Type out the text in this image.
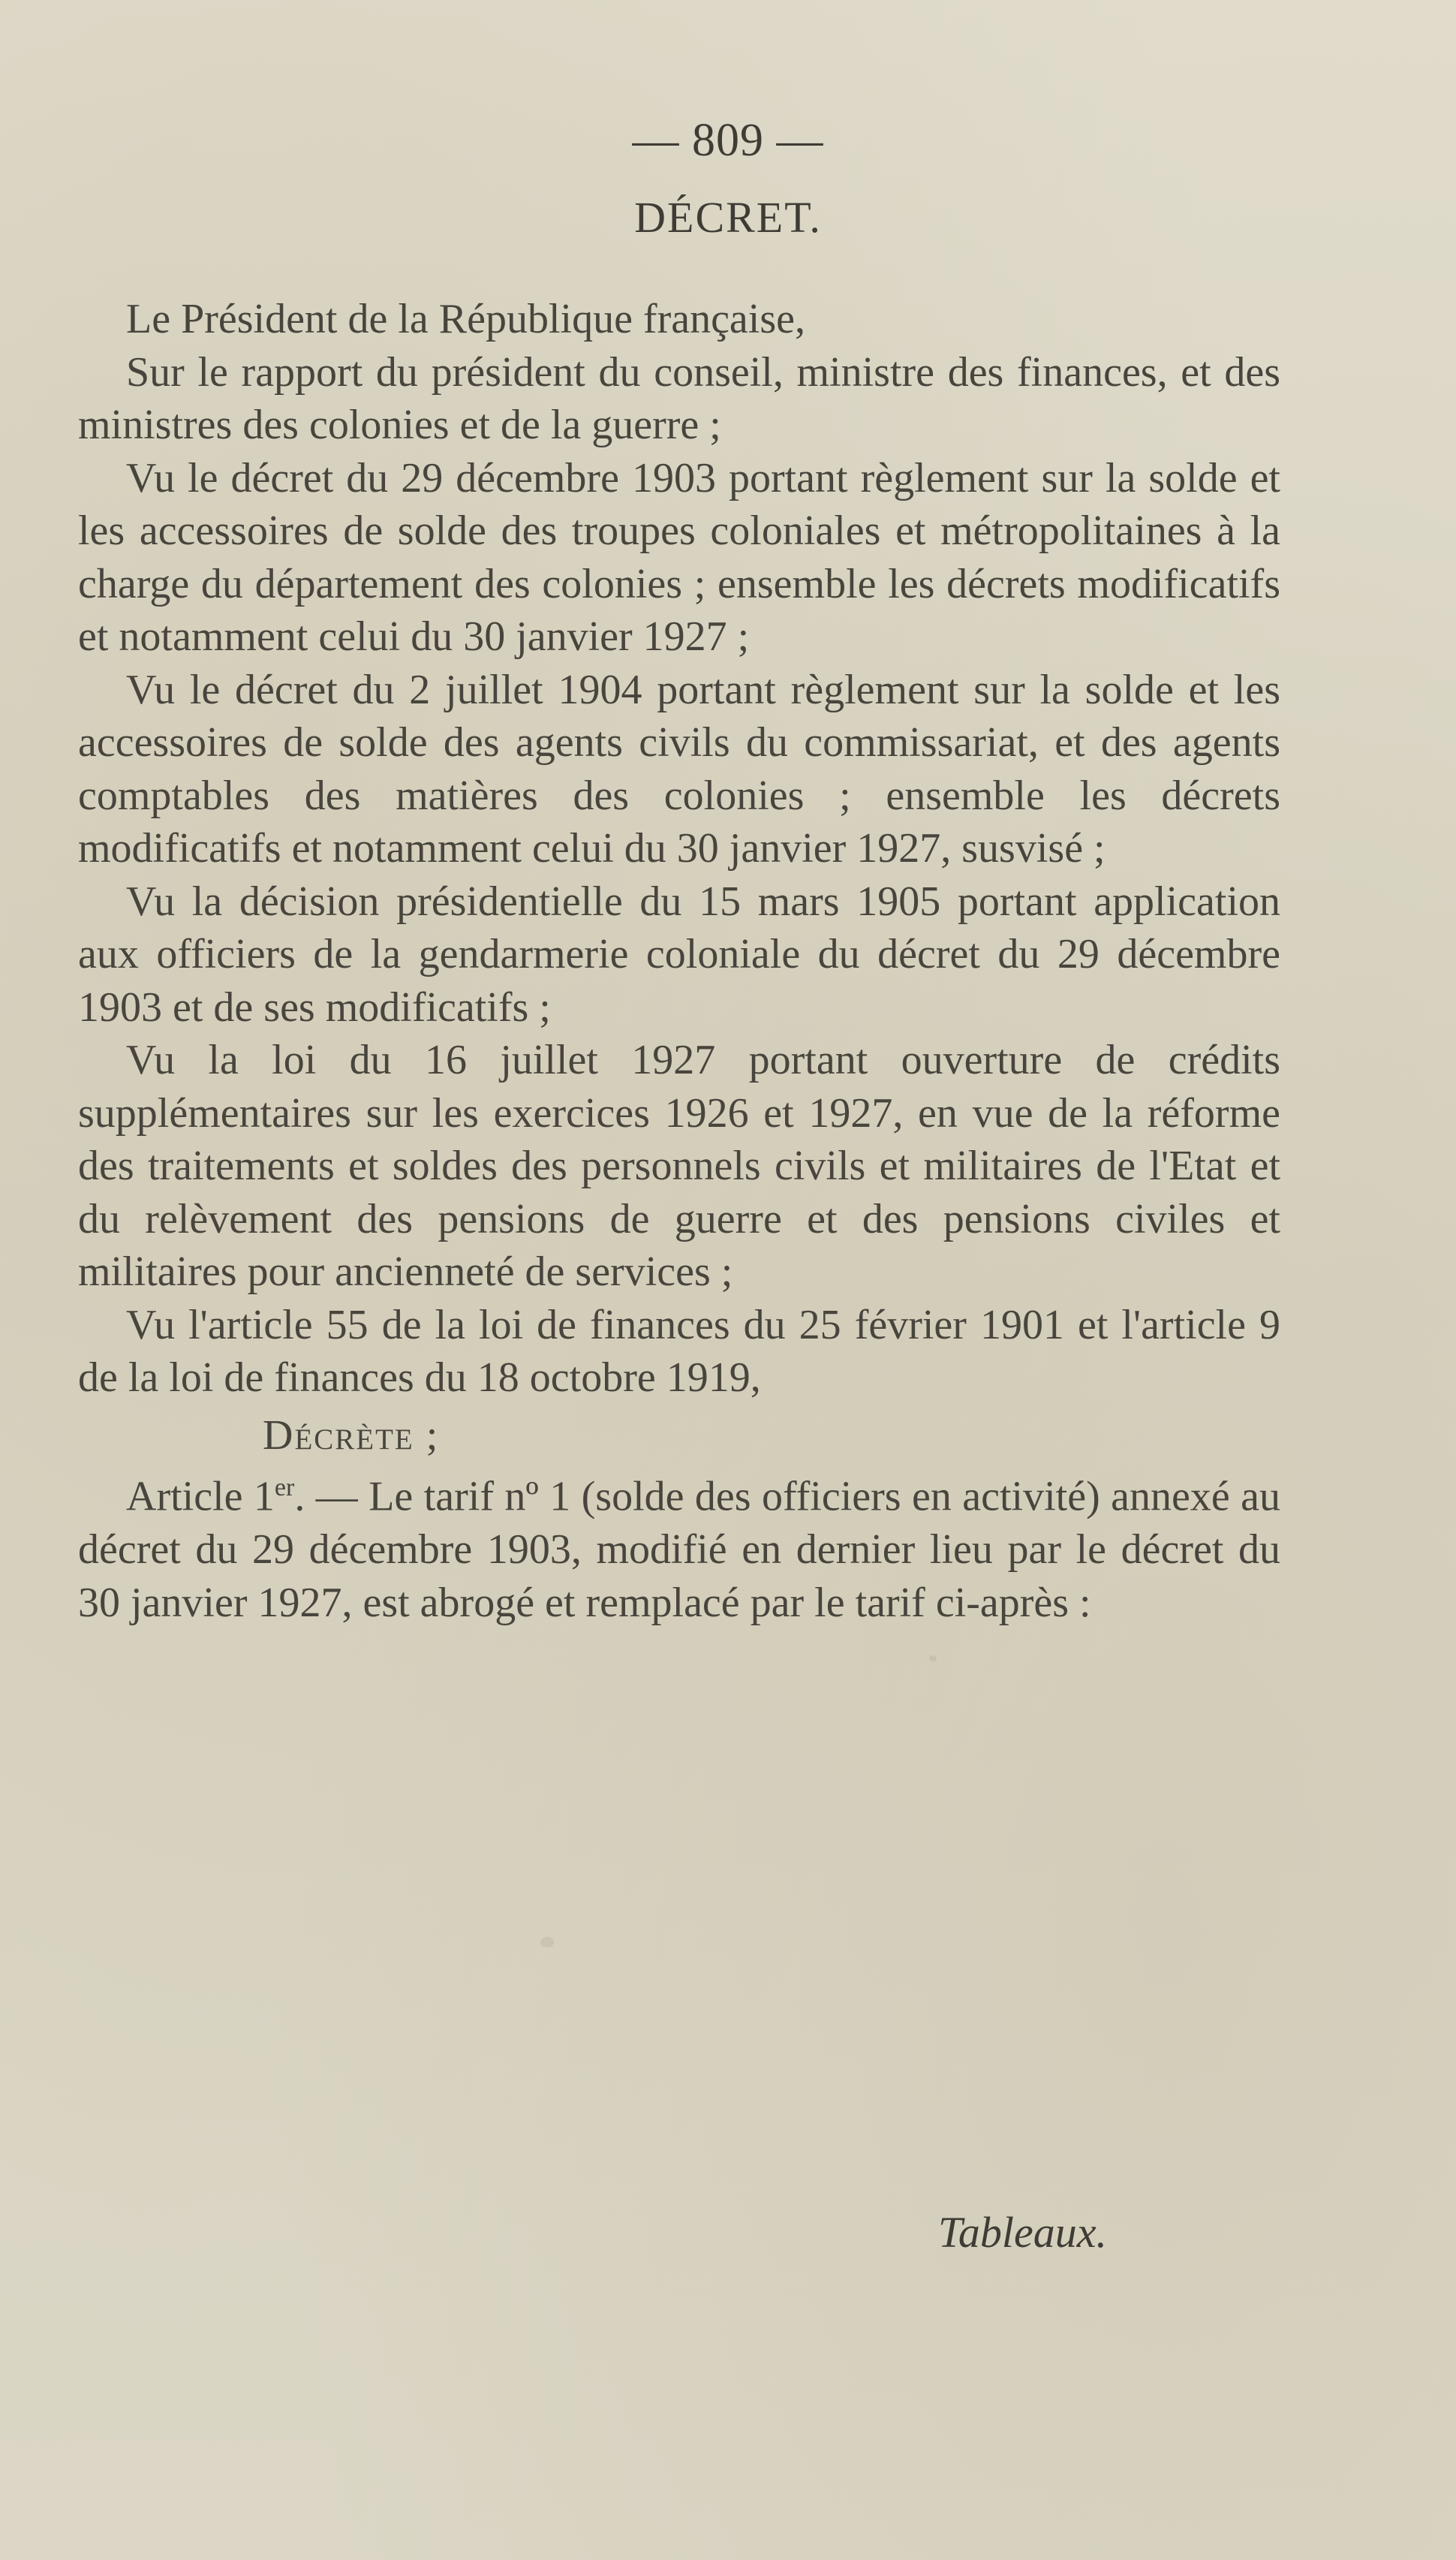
— 809 —
DÉCRET.

Le Président de la République française,

Sur le rapport du président du conseil, ministre des finances, et des ministres des colonies et de la guerre ;

Vu le décret du 29 décembre 1903 portant règlement sur la solde et les accessoires de solde des troupes coloniales et métropolitaines à la charge du département des colonies ; ensemble les décrets modificatifs et notamment celui du 30 janvier 1927 ;

Vu le décret du 2 juillet 1904 portant règlement sur la solde et les accessoires de solde des agents civils du commissariat, et des agents comptables des matières des colonies ; ensemble les décrets modificatifs et notamment celui du 30 janvier 1927, susvisé ;

Vu la décision présidentielle du 15 mars 1905 portant application aux officiers de la gendarmerie coloniale du décret du 29 décembre 1903 et de ses modificatifs ;

Vu la loi du 16 juillet 1927 portant ouverture de crédits supplémentaires sur les exercices 1926 et 1927, en vue de la réforme des traitements et soldes des personnels civils et militaires de l'Etat et du relèvement des pensions de guerre et des pensions civiles et militaires pour ancienneté de services ;

Vu l'article 55 de la loi de finances du 25 février 1901 et l'article 9 de la loi de finances du 18 octobre 1919,

Décrète ;

Article 1er. — Le tarif nº 1 (solde des officiers en activité) annexé au décret du 29 décembre 1903, modifié en dernier lieu par le décret du 30 janvier 1927, est abrogé et remplacé par le tarif ci-après :

Tableaux.
